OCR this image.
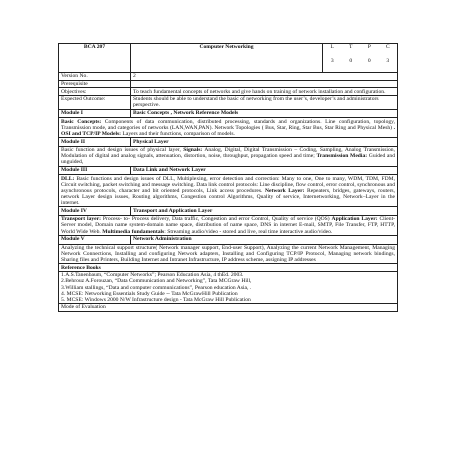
BCA 207	Computer Networking		L	T	P	C
3	0	0	3

Version No.	2
Prerequisite	
Objectives:	To teach fundamental concepts of networks and give hands on training of network installation and configuration.
Expected Outcome:	Students should be able to understand the basic of networking from the user’s, developer’s and administrators perspective.
Module I	Basic Concepts , Network Reference Models
Basic Concepts: Components of data communication, distributed processing, standards and organizations. Line configuration, topology, Transmission mode, and categories of networks (LAN,WAN,PAN). Network Topologies ( Bus, Star, Ring, Star Bus, Star Ring and Physical Mesh) . OSI and TCP/IP Models: Layers and their functions, comparison of models.
Module II	Physical Layer
Basic function and design issues of physical layer, Signals: Analog, Digital, Digital Transmission – Coding, Sampling, Analog Transmission, Modulation of digital and analog signals, attenuation, distortion, noise, throughput, propagation speed and time; Transmission Media: Guided and unguided,
Module III	Data Link and Network Layer
DLL: Basic functions and design issues of DLL, Multiplexing, error detection and correction: Many to one, One to many, WDM, TDM, FDM, Circuit switching, packet switching and message switching. Data link control protocols: Line discipline, flow control, error control, synchronous and asynchronous protocols, character and bit oriented protocols, Link access procedures. Network Layer: Repeaters, bridges, gateways, routers, network Layer design issues, Routing algorithms, Congestion control Algorithms, Quality of service, Internetworking, Network–Layer in the internet.
Module IV	Transport and Application Layer
Transport layer: Process- to- Process delivery, Data traffic, Congestion and error Control, Quality of service (QOS) Application Layer: Client- Server model, Domain name system-domain name space, distribution of name space, DNS in internet E-mail, SMTP, File Transfer, FTP, HTTP, World Wide Web. Multimedia fundamentals: Streaming audio/video - stored and live, real time interactive audio/video.
Module V	Network Administration
Analyzing the technical support structure( Network manager support, End-user Support), Analyzing the current Network Management, Managing Network Connections, Installing and configuring Network adapters, Installing and Configuring TCP/IP Protocol, Managing network bindings, Sharing files and Printers, Building Internet and Intranet Infrastructure, IP address scheme, assigning IP addresses
Reference Books

1.A.S.Tanenbaum, “Computer Networks”; Pearson Education Asia, 4 thEd. 2003.
2.Behrouz A.Forouzan, “Data Communication and Networking”, Tata MCGraw Hill,
3.William stallings, “Data and computer communications”, Pearson education Asia, .
4. MCSE: Networking Essentials Study Guide -- Tata McGrawHill Publication
5. MCSE: Windows 2000 N/W Infrastructure design - Tata McGraw Hill Publication

Mode of Evaluation
